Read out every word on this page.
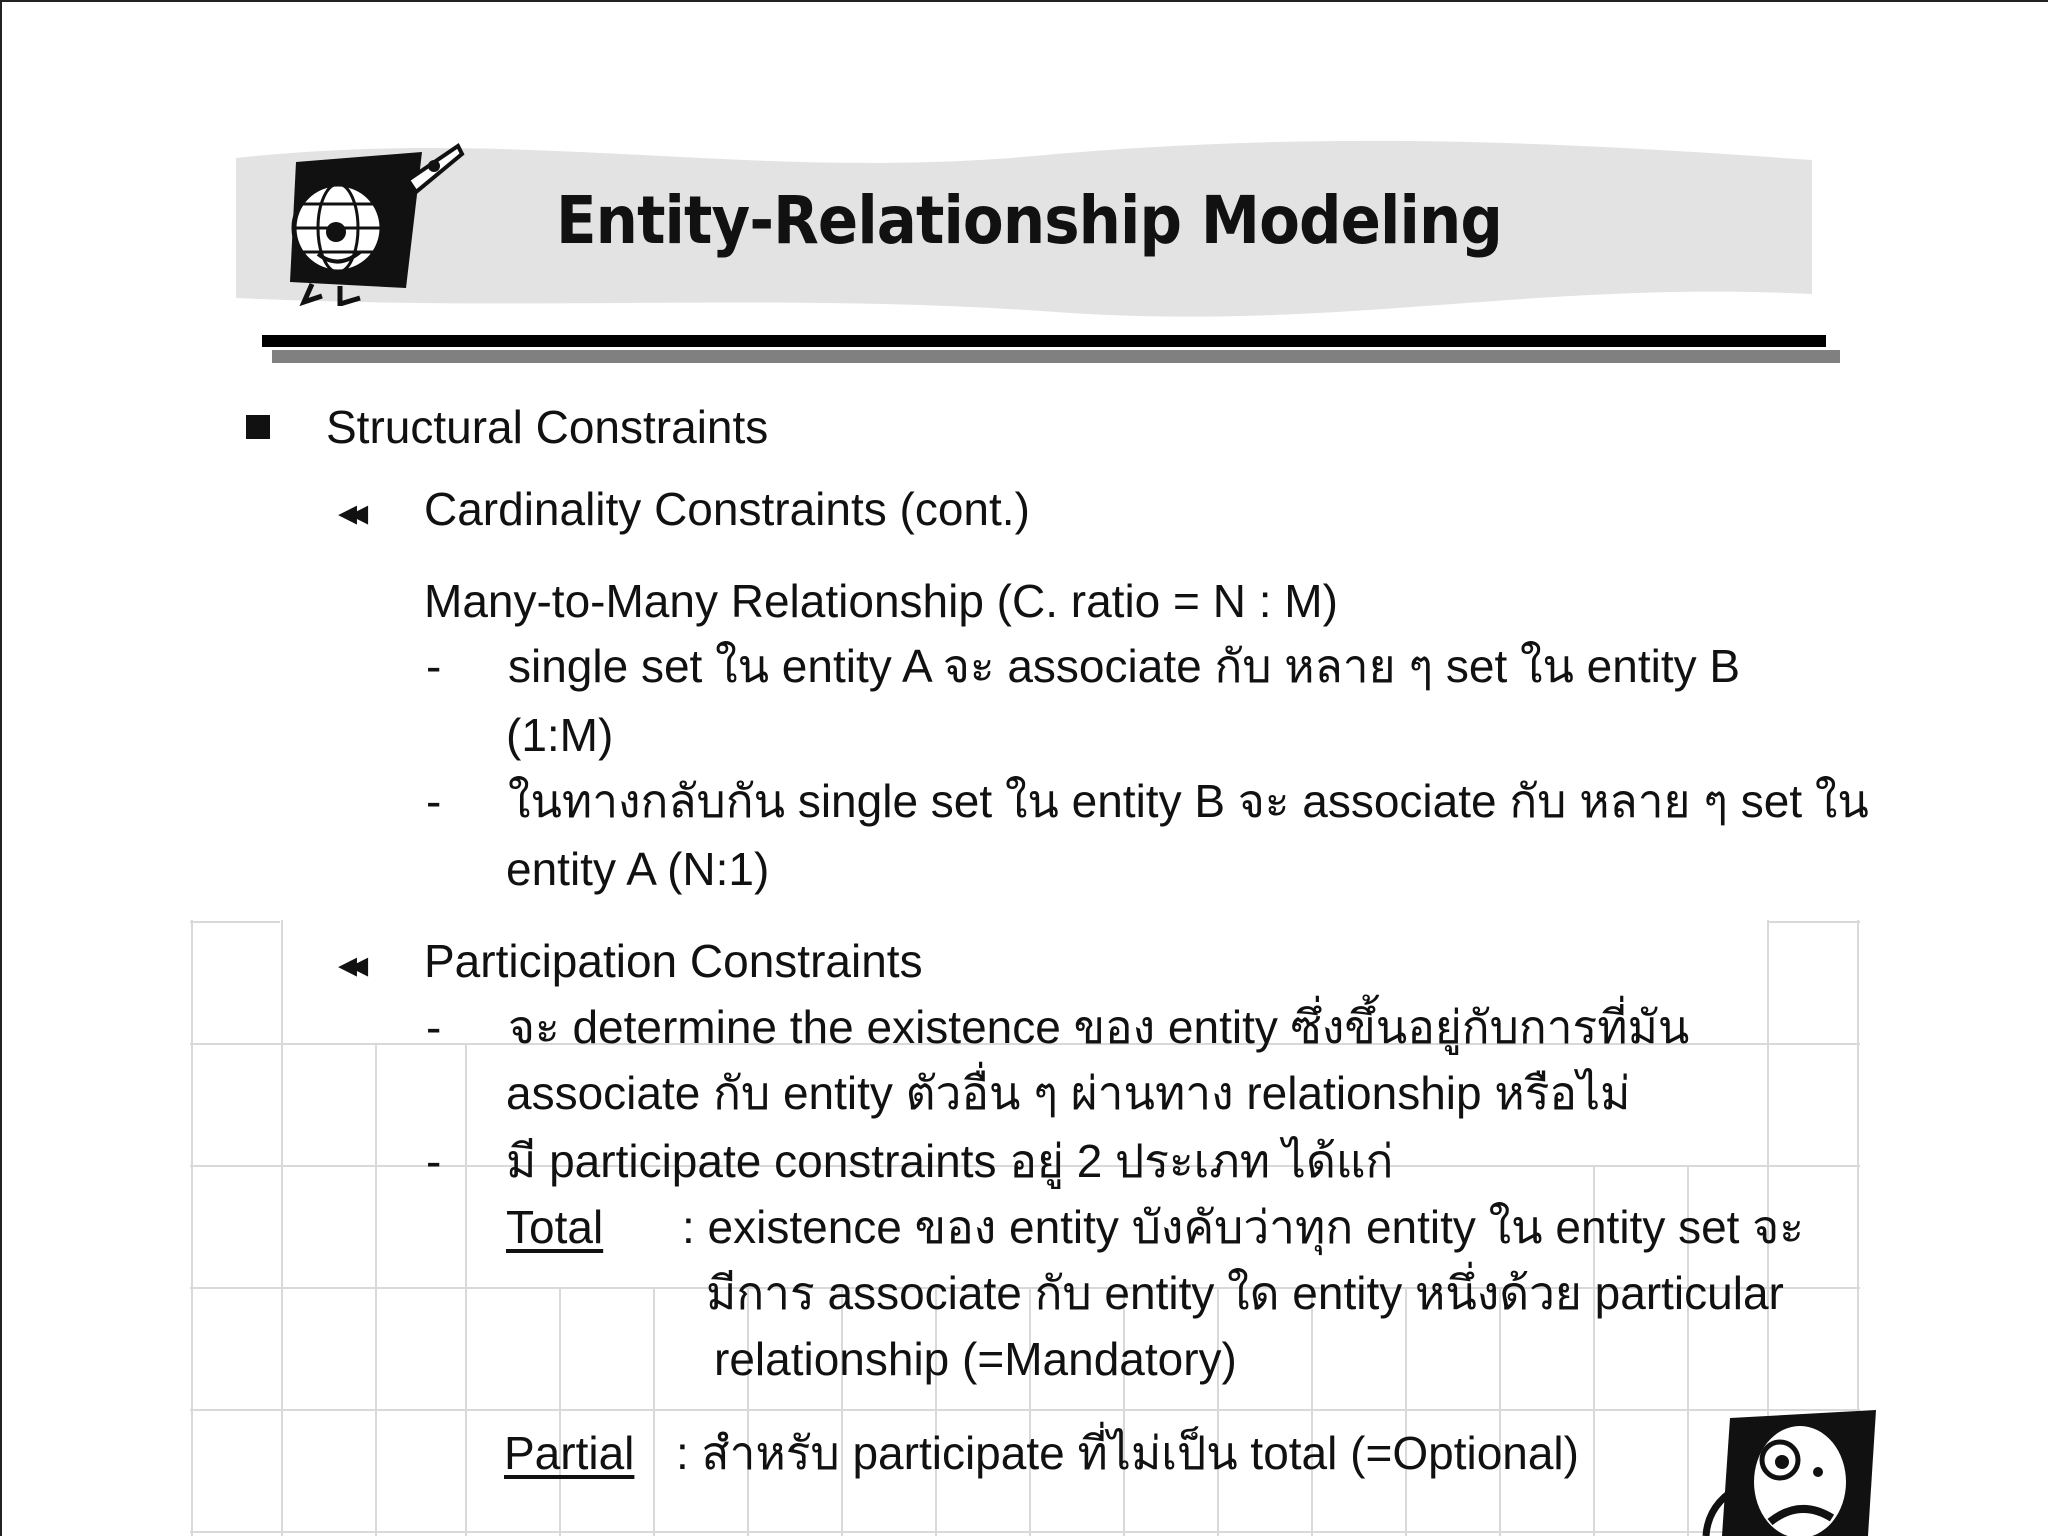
Entity-Relationship Modeling
Structural Constraints
◂◂ Cardinality Constraints (cont.)
Many-to-Many Relationship (C. ratio = N : M)
- single set ใน entity A จะ associate กับ หลาย ๆ set ใน entity B
(1:M)
- ในทางกลับกัน single set ใน entity B จะ associate กับ หลาย ๆ set ใน
entity A (N:1)
◂◂ Participation Constraints
- จะ determine the existence ของ entity ซึ่งขึ้นอยู่กับการที่มัน
associate กับ entity ตัวอื่น ๆ ผ่านทาง relationship หรือไม่
- มี participate constraints อยู่ 2 ประเภท ได้แก่
Total : existence ของ entity บังคับว่าทุก entity ใน entity set จะ
มีการ associate กับ entity ใด entity หนึ่งด้วย particular
relationship (=Mandatory)
Partial : สำหรับ participate ที่ไม่เป็น total (=Optional)
